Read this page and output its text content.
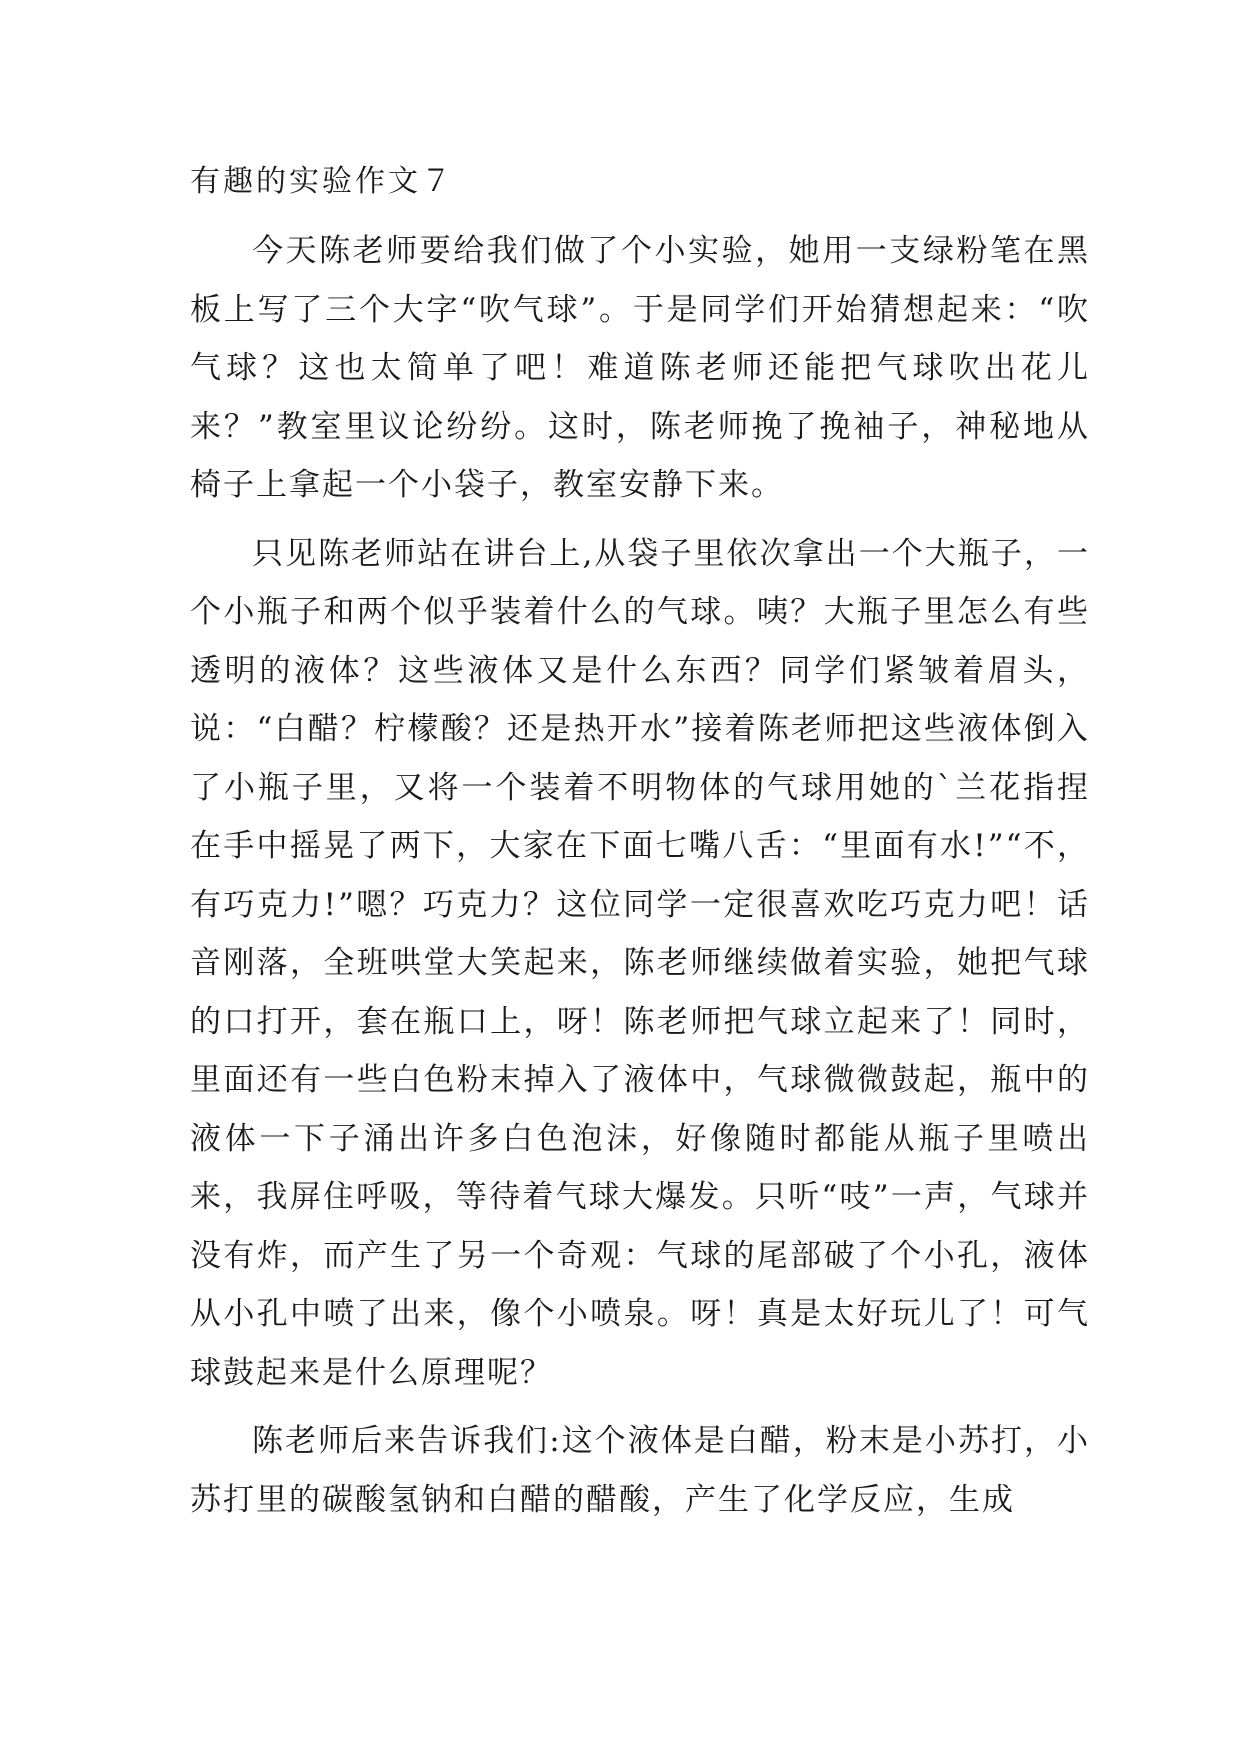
有趣的实验作文７

今天陈老师要给我们做了个小实验，她用一支绿粉笔在黑板上写了三个大字“吹气球”。于是同学们开始猜想起来：“吹气球？这也太简单了吧！难道陈老师还能把气球吹出花儿来？”教室里议论纷纷。这时，陈老师挽了挽袖子，神秘地从椅子上拿起一个小袋子，教室安静下来。

只见陈老师站在讲台上,从袋子里依次拿出一个大瓶子，一个小瓶子和两个似乎装着什么的气球。咦？大瓶子里怎么有些透明的液体？这些液体又是什么东西？同学们紧皱着眉头，说：“白醋？柠檬酸？还是热开水”接着陈老师把这些液体倒入了小瓶子里，又将一个装着不明物体的气球用她的`兰花指捏在手中摇晃了两下，大家在下面七嘴八舌：“里面有水!”“不，有巧克力!”嗯？巧克力？这位同学一定很喜欢吃巧克力吧！话音刚落，全班哄堂大笑起来，陈老师继续做着实验，她把气球的口打开，套在瓶口上，呀！陈老师把气球立起来了！同时，里面还有一些白色粉末掉入了液体中，气球微微鼓起，瓶中的液体一下子涌出许多白色泡沫，好像随时都能从瓶子里喷出来，我屏住呼吸，等待着气球大爆发。只听“吱”一声，气球并没有炸，而产生了另一个奇观：气球的尾部破了个小孔，液体从小孔中喷了出来，像个小喷泉。呀！真是太好玩儿了！可气球鼓起来是什么原理呢？

陈老师后来告诉我们:这个液体是白醋，粉末是小苏打，小苏打里的碳酸氢钠和白醋的醋酸，产生了化学反应，生成
